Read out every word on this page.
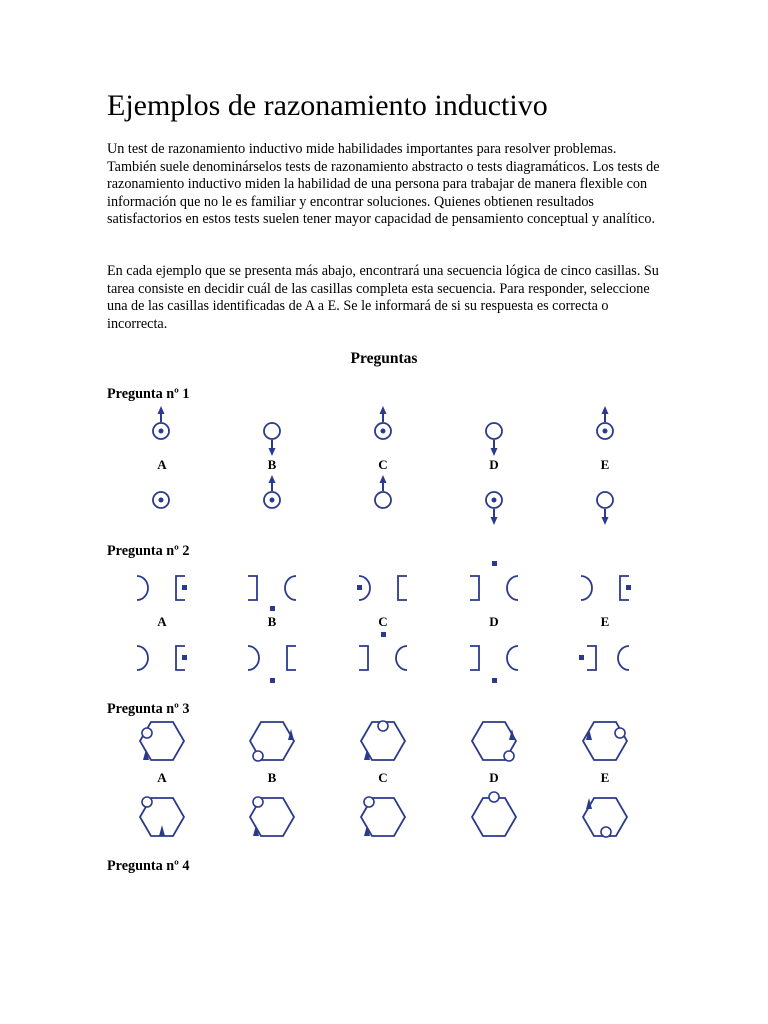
Ejemplos de razonamiento inductivo

Un test de razonamiento inductivo mide habilidades importantes para resolver problemas. También suele denominárselos tests de razonamiento abstracto o tests diagramáticos. Los tests de razonamiento inductivo miden la habilidad de una persona para trabajar de manera flexible con información que no le es familiar y encontrar soluciones. Quienes obtienen resultados satisfactorios en estos tests suelen tener mayor capacidad de pensamiento conceptual y analítico.

En cada ejemplo que se presenta más abajo, encontrará una secuencia lógica de cinco casillas. Su tarea consiste en decidir cuál de las casillas completa esta secuencia. Para responder, seleccione una de las casillas identificadas de A a E. Se le informará de si su respuesta es correcta o incorrecta.

Preguntas

Pregunta nº 1

Pregunta nº 2

Pregunta nº 3

Pregunta nº 4

A	B	C	D	E
A	B	C	D	E
A	B	C	D	E
